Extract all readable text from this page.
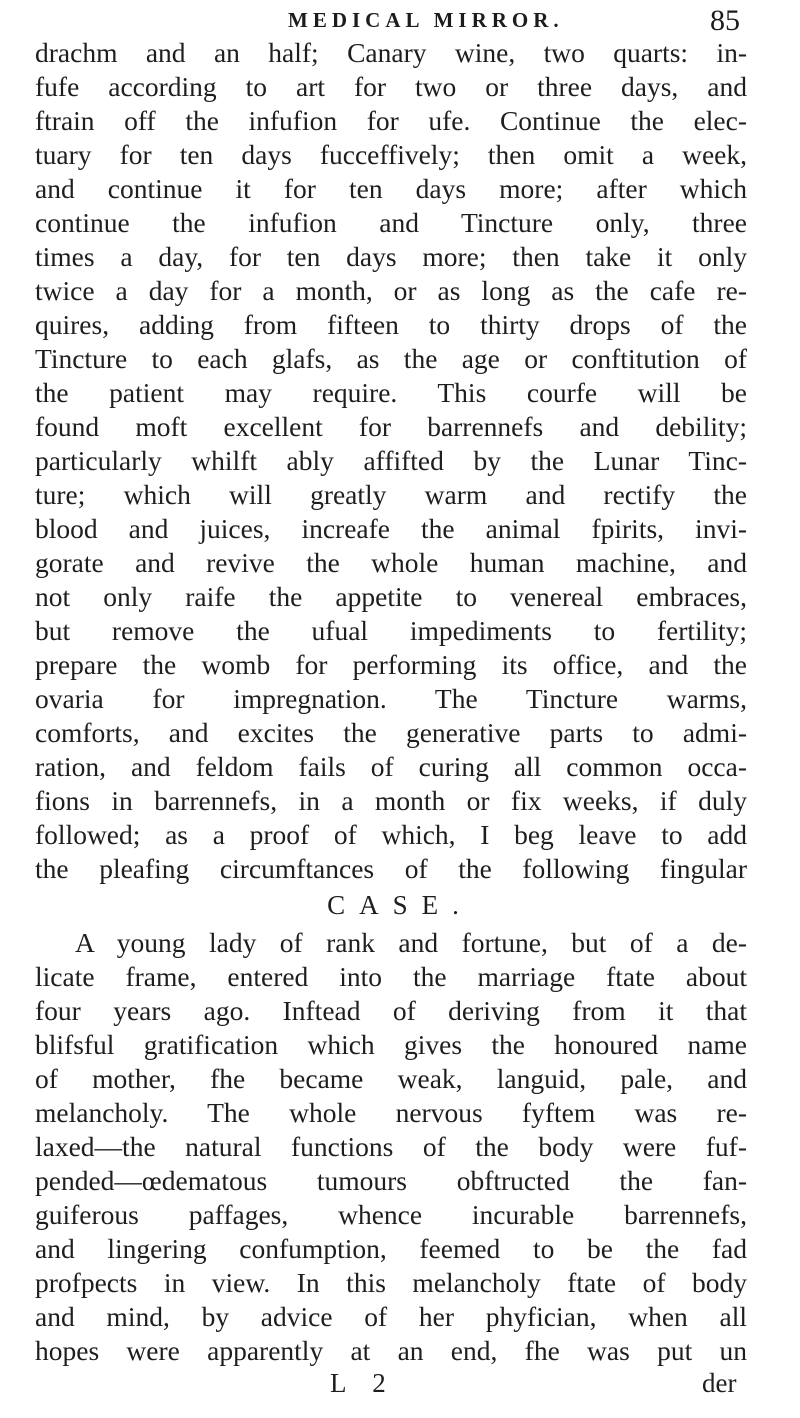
MEDICAL MIRROR.	85
drachm and an half; Canary wine, two quarts: in-
fufe according to art for two or three days, and
ftrain off the infufion for ufe. Continue the elec-
tuary for ten days fucceffively; then omit a week,
and continue it for ten days more; after which
continue the infufion and Tincture only, three
times a day, for ten days more; then take it only
twice a day for a month, or as long as the cafe re-
quires, adding from fifteen to thirty drops of the
Tincture to each glafs, as the age or conftitution of
the patient may require. This courfe will be
found moft excellent for barrennefs and debility;
particularly whilft ably affifted by the Lunar Tinc-
ture; which will greatly warm and rectify the
blood and juices, increafe the animal fpirits, invi-
gorate and revive the whole human machine, and
not only raife the appetite to venereal embraces,
but remove the ufual impediments to fertility;
prepare the womb for performing its office, and the
ovaria for impregnation. The Tincture warms,
comforts, and excites the generative parts to admi-
ration, and feldom fails of curing all common occa-
fions in barrennefs, in a month or fix weeks, if duly
followed; as a proof of which, I beg leave to add
the pleafing circumftances of the following fingular
CASE.
A young lady of rank and fortune, but of a de-
licate frame, entered into the marriage ftate about
four years ago. Inftead of deriving from it that
blifsful gratification which gives the honoured name
of mother, fhe became weak, languid, pale, and
melancholy. The whole nervous fyftem was re-
laxed—the natural functions of the body were fuf-
pended—œdematous tumours obftructed the fan-
guiferous paffages, whence incurable barrennefs,
and lingering confumption, feemed to be the fad
profpects in view. In this melancholy ftate of body
and mind, by advice of her phyfician, when all
hopes were apparently at an end, fhe was put un
L 2	der
